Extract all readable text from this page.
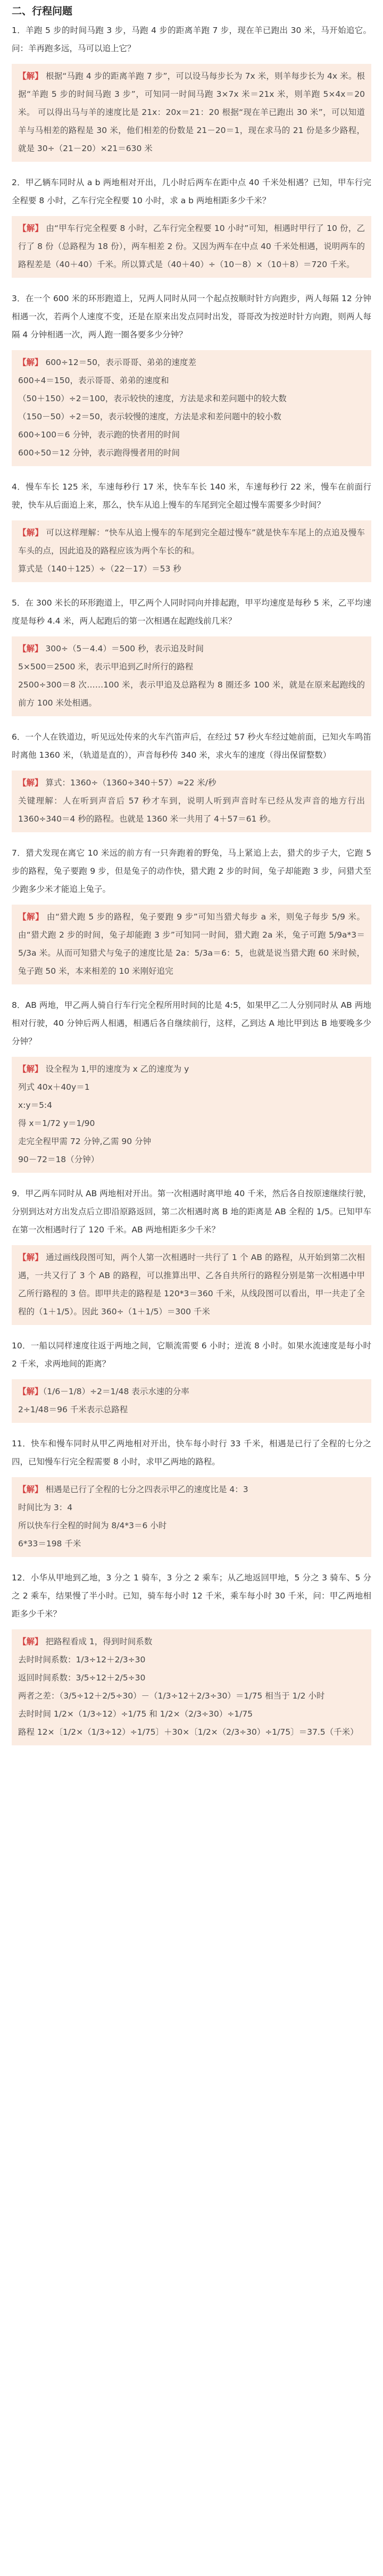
二、行程问题

1．羊跑 5 步的时间马跑 3 步，马跑 4 步的距离羊跑 7 步，现在羊已跑出 30 米，马开始追它。问：羊再跑多远，马可以追上它？

【解】 根据“马跑 4 步的距离羊跑 7 步”，可以设马每步长为 7x 米，则羊每步长为 4x 米。根据“羊跑 5 步的时间马跑 3 步”，可知同一时间马跑 3×7x 米＝21x 米，则羊跑 5×4x＝20 米。 可以得出马与羊的速度比是 21x：20x＝21：20 根据“现在羊已跑出 30 米”，可以知道羊与马相差的路程是 30 米，他们相差的份数是 21－20＝1，现在求马的 21 份是多少路程，就是 30÷（21－20）×21＝630 米

2．甲乙辆车同时从 a b 两地相对开出，几小时后两车在距中点 40 千米处相遇？已知，甲车行完全程要 8 小时，乙车行完全程要 10 小时，求 a b 两地相距多少千米？

【解】 由“甲车行完全程要 8 小时，乙车行完全程要 10 小时”可知，相遇时甲行了 10 份，乙行了 8 份（总路程为 18 份），两车相差 2 份。又因为两车在中点 40 千米处相遇，说明两车的路程差是（40＋40）千米。所以算式是（40＋40）÷（10－8）×（10＋8）＝720 千米。

3．在一个 600 米的环形跑道上，兄两人同时从同一个起点按顺时针方向跑步，两人每隔 12 分钟相遇一次，若两个人速度不变，还是在原来出发点同时出发，哥哥改为按逆时针方向跑，则两人每隔 4 分钟相遇一次，两人跑一圈各要多少分钟？

【解】 600÷12＝50，表示哥哥、弟弟的速度差

600÷4＝150，表示哥哥、弟弟的速度和

（50＋150）÷2＝100，表示较快的速度，方法是求和差问题中的较大数

（150－50）÷2＝50，表示较慢的速度，方法是求和差问题中的较小数

600÷100＝6 分钟，表示跑的快者用的时间

600÷50＝12 分钟，表示跑得慢者用的时间

4．慢车车长 125 米，车速每秒行 17 米，快车车长 140 米，车速每秒行 22 米，慢车在前面行驶，快车从后面追上来，那么，快车从追上慢车的车尾到完全超过慢车需要多少时间？

【解】 可以这样理解：“快车从追上慢车的车尾到完全超过慢车”就是快车车尾上的点追及慢车车头的点，因此追及的路程应该为两个车长的和。

算式是（140＋125）÷（22－17）＝53 秒

5．在 300 米长的环形跑道上，甲乙两个人同时同向并排起跑，甲平均速度是每秒 5 米，乙平均速度是每秒 4.4 米，两人起跑后的第一次相遇在起跑线前几米？

【解】 300÷（5－4.4）＝500 秒，表示追及时间

5×500＝2500 米，表示甲追到乙时所行的路程

2500÷300＝8 次……100 米，表示甲追及总路程为 8 圈还多 100 米，就是在原来起跑线的前方 100 米处相遇。

6．一个人在铁道边，听见远处传来的火车汽笛声后，在经过 57 秒火车经过她前面，已知火车鸣笛时离他 1360 米，（轨道是直的），声音每秒传 340 米，求火车的速度（得出保留整数）

【解】 算式：1360÷（1360÷340＋57）≈22 米/秒

关键理解：人在听到声音后 57 秒才车到，说明人听到声音时车已经从发声音的地方行出 1360÷340＝4 秒的路程。也就是 1360 米一共用了 4＋57＝61 秒。

7．猎犬发现在离它 10 米远的前方有一只奔跑着的野兔，马上紧追上去，猎犬的步子大，它跑 5 步的路程，兔子要跑 9 步，但是兔子的动作快，猎犬跑 2 步的时间，兔子却能跑 3 步，问猎犬至少跑多少米才能追上兔子。

【解】 由“猎犬跑 5 步的路程，兔子要跑 9 步”可知当猎犬每步 a 米，则兔子每步 5/9 米。由“猎犬跑 2 步的时间，兔子却能跑 3 步”可知同一时间，猎犬跑 2a 米，兔子可跑 5/9a*3＝5/3a 米。从而可知猎犬与兔子的速度比是 2a：5/3a＝6：5，也就是说当猎犬跑 60 米时候，兔子跑 50 米，本来相差的 10 米刚好追完

8．AB 两地，甲乙两人骑自行车行完全程所用时间的比是 4:5，如果甲乙二人分别同时从 AB 两地相对行驶，40 分钟后两人相遇，相遇后各自继续前行，这样，乙到达 A 地比甲到达 B 地要晚多少分钟？

【解】 设全程为 1,甲的速度为 x 乙的速度为 y

列式 40x＋40y＝1

x:y＝5:4

得 x＝1/72 y＝1/90

走完全程甲需 72 分钟,乙需 90 分钟

90－72＝18（分钟）

9．甲乙两车同时从 AB 两地相对开出。第一次相遇时离甲地 40 千米，然后各自按原速继续行驶，分别到达对方出发点后立即沿原路返回，第二次相遇时离 B 地的距离是 AB 全程的 1/5。已知甲车在第一次相遇时行了 120 千米。AB 两地相距多少千米？

【解】 通过画线段图可知，两个人第一次相遇时一共行了 1 个 AB 的路程，从开始到第二次相遇，一共又行了 3 个 AB 的路程，可以推算出甲、乙各自共所行的路程分别是第一次相遇中甲乙所行路程的 3 倍。即甲共走的路程是 120*3＝360 千米，从线段图可以看出，甲一共走了全程的（1＋1/5）。因此 360÷（1＋1/5）＝300 千米

10．一船以同样速度往返于两地之间，它顺流需要 6 小时；逆流 8 小时。如果水流速度是每小时 2 千米，求两地间的距离？

【解】（1/6－1/8）÷2＝1/48 表示水速的分率

2÷1/48＝96 千米表示总路程

11．快车和慢车同时从甲乙两地相对开出，快车每小时行 33 千米，相遇是已行了全程的七分之四，已知慢车行完全程需要 8 小时，求甲乙两地的路程。

【解】 相遇是已行了全程的七分之四表示甲乙的速度比是 4：3

时间比为 3：4

所以快车行全程的时间为 8/4*3＝6 小时

6*33＝198 千米

12．小华从甲地到乙地，3 分之 1 骑车，3 分之 2 乘车；从乙地返回甲地，5 分之 3 骑车、5 分之 2 乘车，结果慢了半小时。已知，骑车每小时 12 千米，乘车每小时 30 千米，问：甲乙两地相距多少千米？

【解】 把路程看成 1，得到时间系数

去时时间系数：1/3÷12＋2/3÷30

返回时间系数：3/5÷12＋2/5÷30

两者之差：（3/5÷12＋2/5÷30）－（1/3÷12＋2/3÷30）＝1/75 相当于 1/2 小时

去时时间 1/2×（1/3÷12）÷1/75 和 1/2×（2/3÷30）÷1/75

路程 12×〔1/2×（1/3÷12）÷1/75〕＋30×〔1/2×（2/3÷30）÷1/75〕＝37.5（千米）
